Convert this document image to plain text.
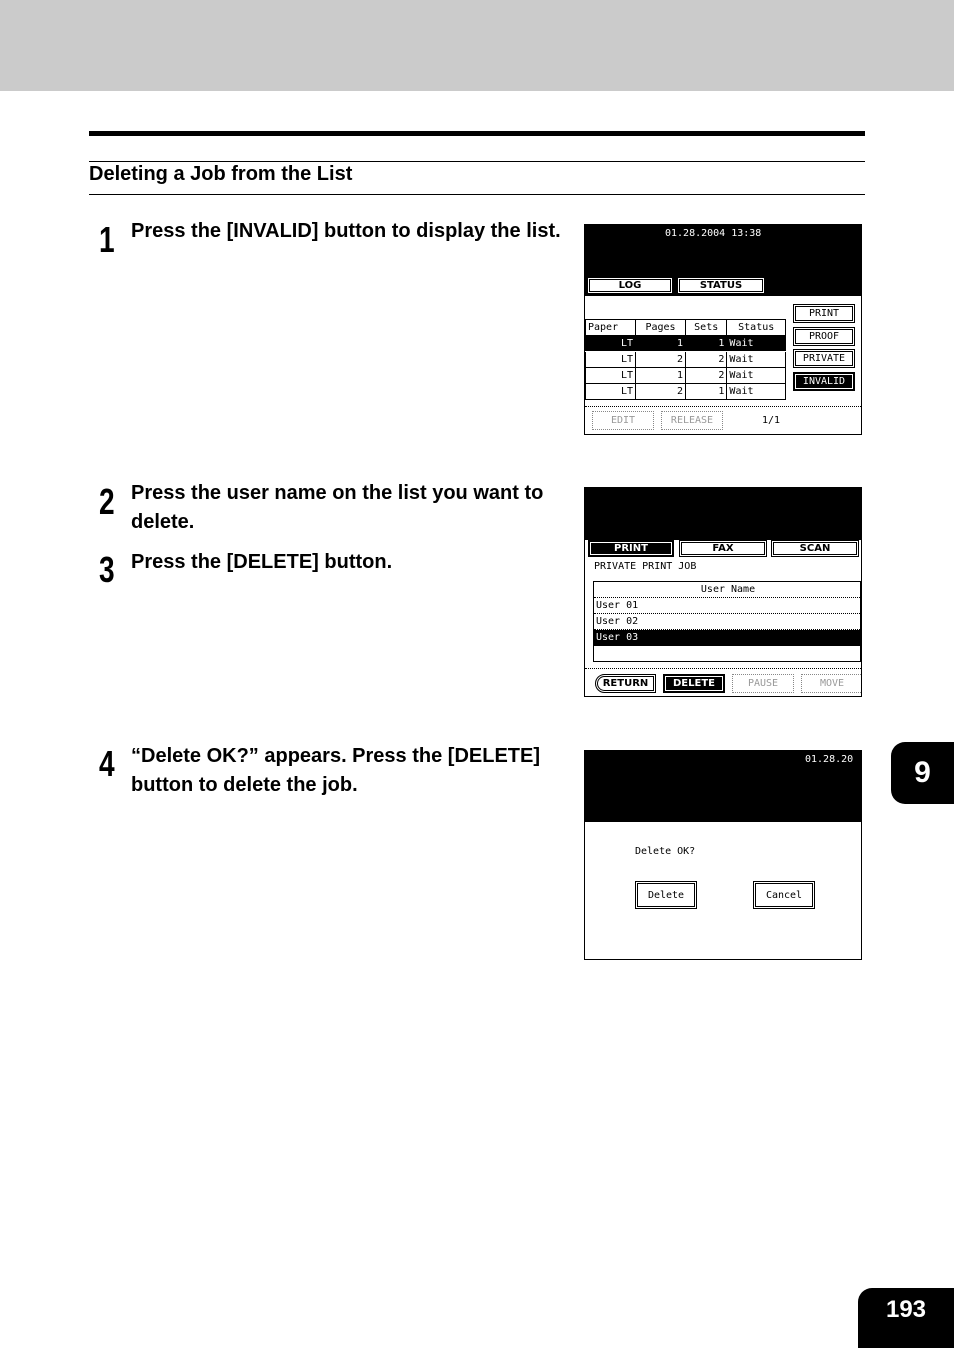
Deleting a Job from the List
1 Press the [INVALID] button to display the list.
2 Press the user name on the list you want to delete.
3 Press the [DELETE] button.
4 “Delete OK?” appears. Press the [DELETE] button to delete the job.
01.28.2004 13:38
LOG	STATUS
Paper	Pages	Sets	Status
LT	1	1	Wait
LT	2	2	Wait
LT	1	2	Wait
LT	2	1	Wait
PRINT
PROOF
PRIVATE
INVALID
EDIT	RELEASE	1/1
PRINT	FAX	SCAN
PRIVATE PRINT JOB
User Name
User 01
User 02
User 03
RETURN	DELETE	PAUSE	MOVE
01.28.20
Delete OK?
Delete	Cancel
9
193
